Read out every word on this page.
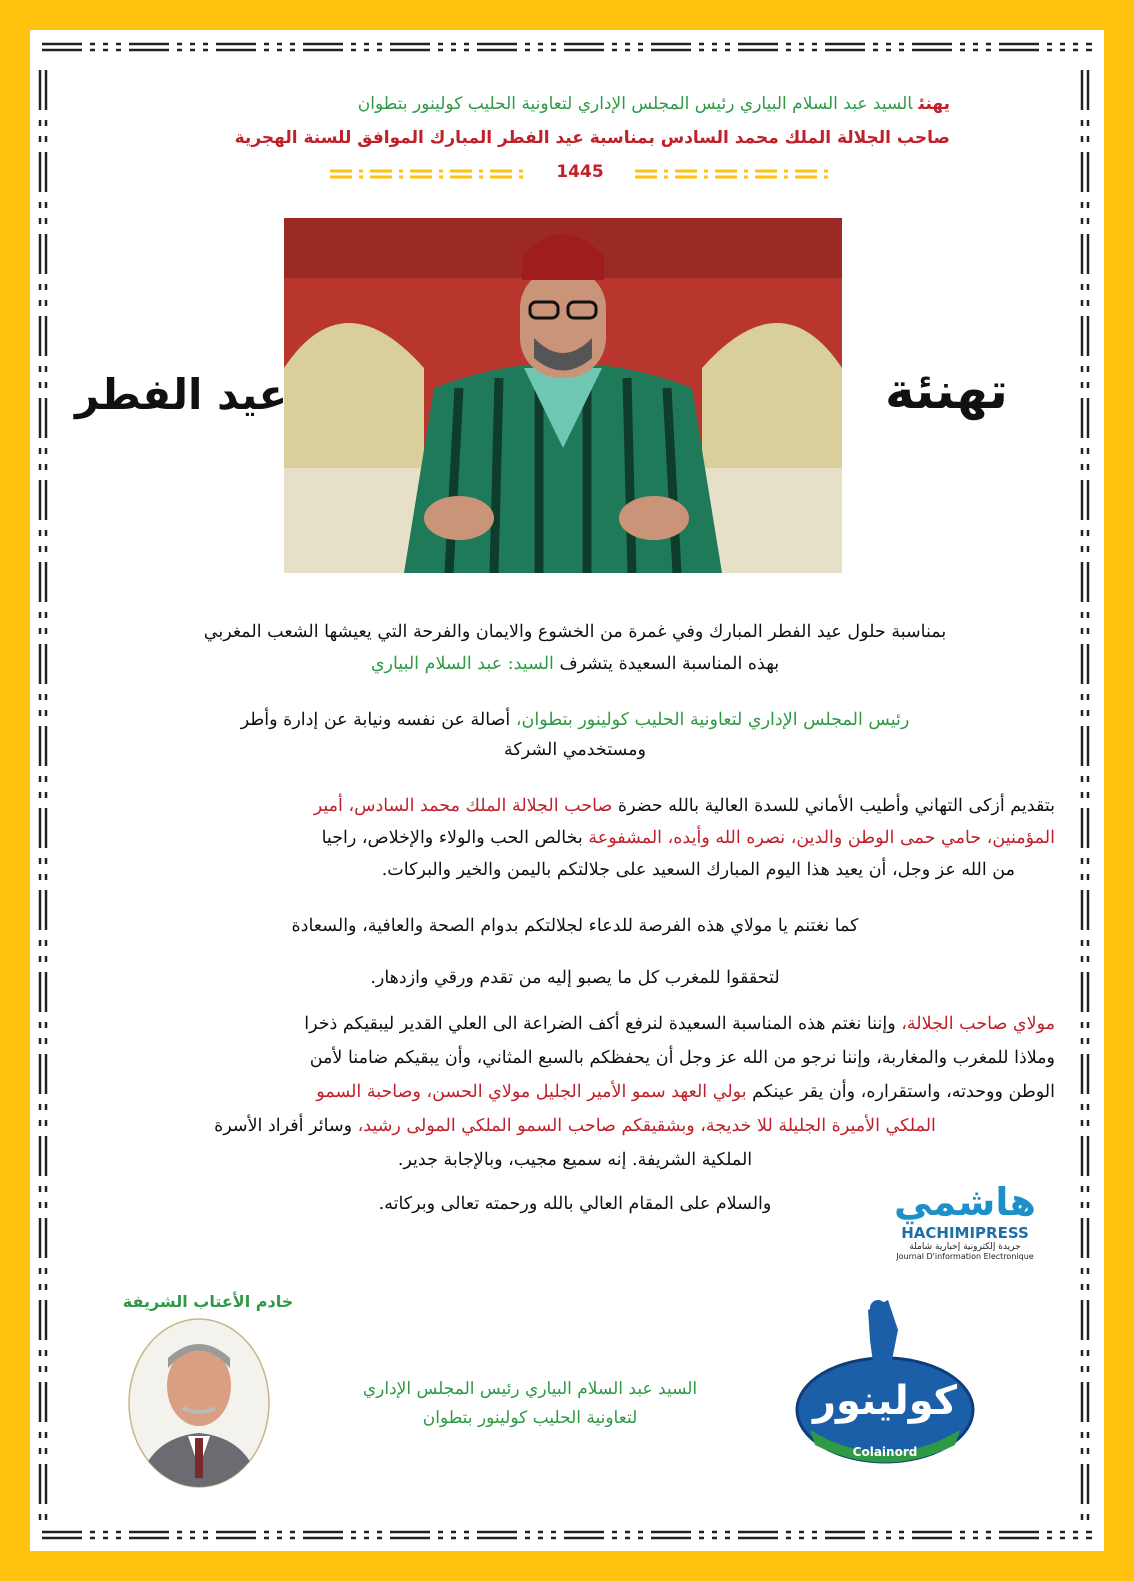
يهنئالسيد عبد السلام البياري رئيس المجلس الإداري لتعاونية الحليب كولينور بتطوان
صاحب الجلالة الملك محمد السادس بمناسبة عيد الفطر المبارك الموافق للسنة الهجرية
1445
تهنئة
عيد الفطر
بمناسبة حلول عيد الفطر المبارك وفي غمرة من الخشوع والايمان والفرحة التي يعيشها الشعب المغربي
بهذه المناسبة السعيدة يتشرف السيد: عبد السلام البياري
رئيس المجلس الإداري لتعاونية الحليب كولينور بتطوان، أصالة عن نفسه ونيابة عن إدارة وأطر
ومستخدمي الشركة
بتقديم أزكى التهاني وأطيب الأماني للسدة العالية بالله حضرة صاحب الجلالة الملك محمد السادس، أمير
المؤمنين، حامي حمى الوطن والدين، نصره الله وأيده، المشفوعة بخالص الحب والولاء والإخلاص، راجيا
من الله عز وجل، أن يعيد هذا اليوم المبارك السعيد على جلالتكم باليمن والخير والبركات.
كما نغتنم يا مولاي هذه الفرصة للدعاء لجلالتكم بدوام الصحة والعافية، والسعادة
لتحققوا للمغرب كل ما يصبو إليه من تقدم ورقي وازدهار.
مولاي صاحب الجلالة، وإننا نغتم هذه المناسبة السعيدة لنرفع أكف الضراعة الى العلي القدير ليبقيكم ذخرا
وملاذا للمغرب والمغاربة، وإننا نرجو من الله عز وجل أن يحفظكم بالسبع المثاني، وأن يبقيكم ضامنا لأمن
الوطن ووحدته، واستقراره، وأن يقر عينكم بولي العهد سمو الأمير الجليل مولاي الحسن، وصاحبة السمو
الملكي الأميرة الجليلة للا خديجة، وبشقيقكم صاحب السمو الملكي المولى رشيد، وسائر أفراد الأسرة
الملكية الشريفة. إنه سميع مجيب، وبالإجابة جدير.
والسلام على المقام العالي بالله ورحمته تعالى وبركاته.	هاشمي
HACHIMIPRESS
جريدة إلكترونية إخبارية شاملة
Journal D'information Electronique
خادم الأعتاب الشريفة
السيد عبد السلام البياري رئيس المجلس الإداري
لتعاونية الحليب كولينور بتطوان	كولينور
Colainord
